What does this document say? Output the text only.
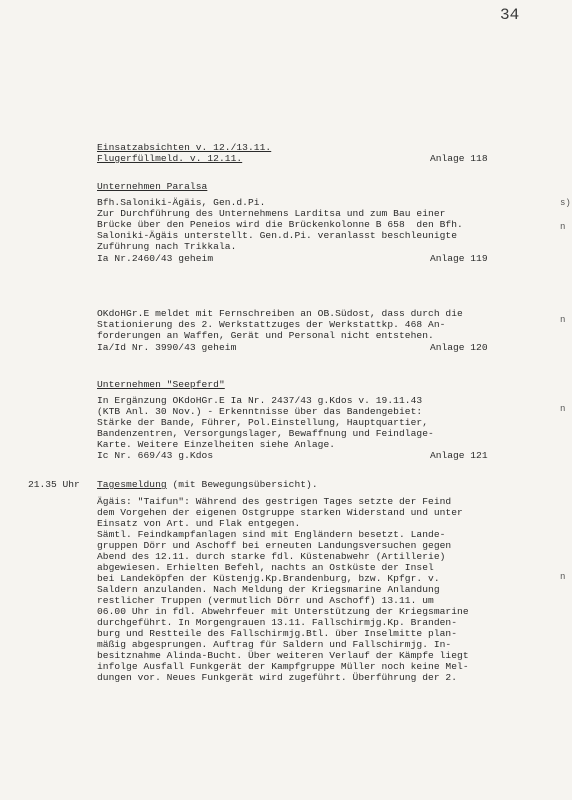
34
Einsatzabsichten v. 12./13.11.
Flugerfüllmeld. v. 12.11.	Anlage 118
Unternehmen Paralsa
Bfh.Saloniki-Ägäis, Gen.d.Pi.
Zur Durchführung des Unternehmens Larditsa und zum Bau einer
Brücke über den Peneios wird die Brückenkolonne B 658  den Bfh.
Saloniki-Ägäis unterstellt. Gen.d.Pi. veranlasst beschleunigte
Zuführung nach Trikkala.
Ia Nr.2460/43 geheim	Anlage 119
OKdoHGr.E meldet mit Fernschreiben an OB.Südost, dass durch die
Stationierung des 2. Werkstattzuges der Werkstattkp. 468 An-
forderungen an Waffen, Gerät und Personal nicht entstehen.
Ia/Id Nr. 3990/43 geheim	Anlage 120
Unternehmen "Seepferd"
In Ergänzung OKdoHGr.E Ia Nr. 2437/43 g.Kdos v. 19.11.43
(KTB Anl. 30 Nov.) - Erkenntnisse über das Bandengebiet:
Stärke der Bande, Führer, Pol.Einstellung, Hauptquartier,
Bandenzentren, Versorgungslager, Bewaffnung und Feindlage-
Karte. Weitere Einzelheiten siehe Anlage.
Ic Nr. 669/43 g.Kdos	Anlage 121
21.35 Uhr Tagesmeldung (mit Bewegungsübersicht).
Ägäis: "Taifun": Während des gestrigen Tages setzte der Feind
dem Vorgehen der eigenen Ostgruppe starken Widerstand und unter
Einsatz von Art. und Flak entgegen.
Sämtl. Feindkampfanlagen sind mit Engländern besetzt. Lande-
gruppen Dörr und Aschoff bei erneuten Landungsversuchen gegen
Abend des 12.11. durch starke fdl. Küstenabwehr (Artillerie)
abgewiesen. Erhielten Befehl, nachts an Ostküste der Insel
bei Landeköpfen der Küstenjg.Kp.Brandenburg, bzw. Kpfgr. v.
Saldern anzulanden. Nach Meldung der Kriegsmarine Anlandung
restlicher Truppen (vermutlich Dörr und Aschoff) 13.11. um
06.00 Uhr in fdl. Abwehrfeuer mit Unterstützung der Kriegsmarine
durchgeführt. In Morgengrauen 13.11. Fallschirmjg.Kp. Branden-
burg und Restteile des Fallschirmjg.Btl. über Inselmitte plan-
mäßig abgesprungen. Auftrag für Saldern und Fallschirmjg. In-
besitznahme Alinda-Bucht. Über weiteren Verlauf der Kämpfe liegt
infolge Ausfall Funkgerät der Kampfgruppe Müller noch keine Mel-
dungen vor. Neues Funkgerät wird zugeführt. Überführung der 2.
s)
n
n
n
n
